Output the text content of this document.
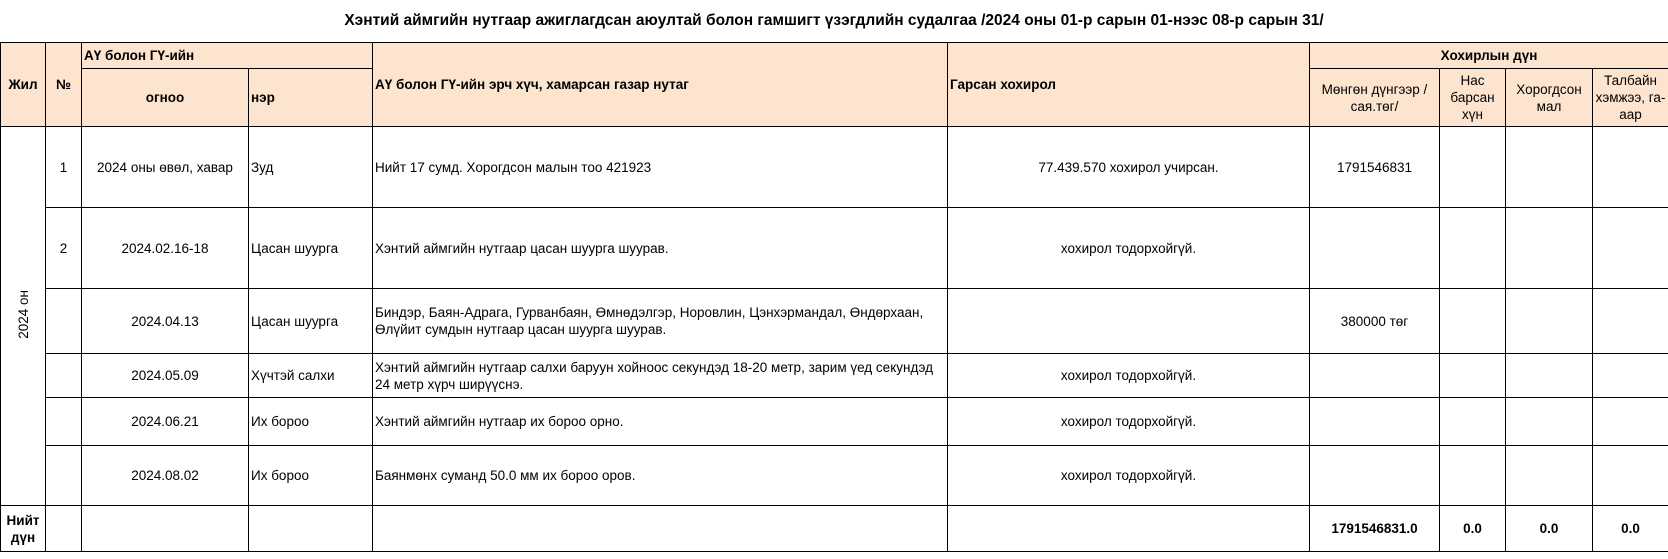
Хэнтий аймгийн нутгаар ажиглагдсан аюултай болон гамшигт үзэгдлийн судалгаа /2024 оны 01-р сарын 01-нээс 08-р сарын 31/
Жил	№	АҮ болон ГҮ-ийн		АҮ болон ГҮ-ийн эрч хүч, хамарсан газар нутаг	Гарсан хохирол	Хохирлын дүн			
		огноо	нэр			Мөнгөн дүнгээр /сая.төг/	Нас барсан хүн	Хорогдсон мал	Талбайн хэмжээ, га-аар
2024 он	1	2024 оны өвөл, хавар	Зуд	Нийт 17 сумд. Хорогдсон малын тоо 421923	77.439.570 хохирол учирсан.	1791546831			
	2	2024.02.16-18	Цасан шуурга	Хэнтий аймгийн нутгаар цасан шуурга шуурав.	хохирол тодорхойгүй.				
		2024.04.13	Цасан шуурга	Биндэр, Баян-Адрага, Гурванбаян, Өмнөдэлгэр, Норовлин, Цэнхэрмандал, Өндөрхаан, Өлүйит сумдын нутгаар цасан шуурга шуурав.		380000 төг			
		2024.05.09	Хүчтэй салхи	Хэнтий аймгийн нутгаар салхи баруун хойноос секундэд 18-20 метр, зарим үед секундэд 24 метр хүрч ширүүснэ.	хохирол тодорхойгүй.				
		2024.06.21	Их бороо	Хэнтий аймгийн нутгаар их бороо орно.	хохирол тодорхойгүй.				
		2024.08.02	Их бороо	Баянмөнх суманд 50.0 мм их бороо оров.	хохирол тодорхойгүй.				
Нийт дүн						1791546831.0	0.0	0.0	0.0
